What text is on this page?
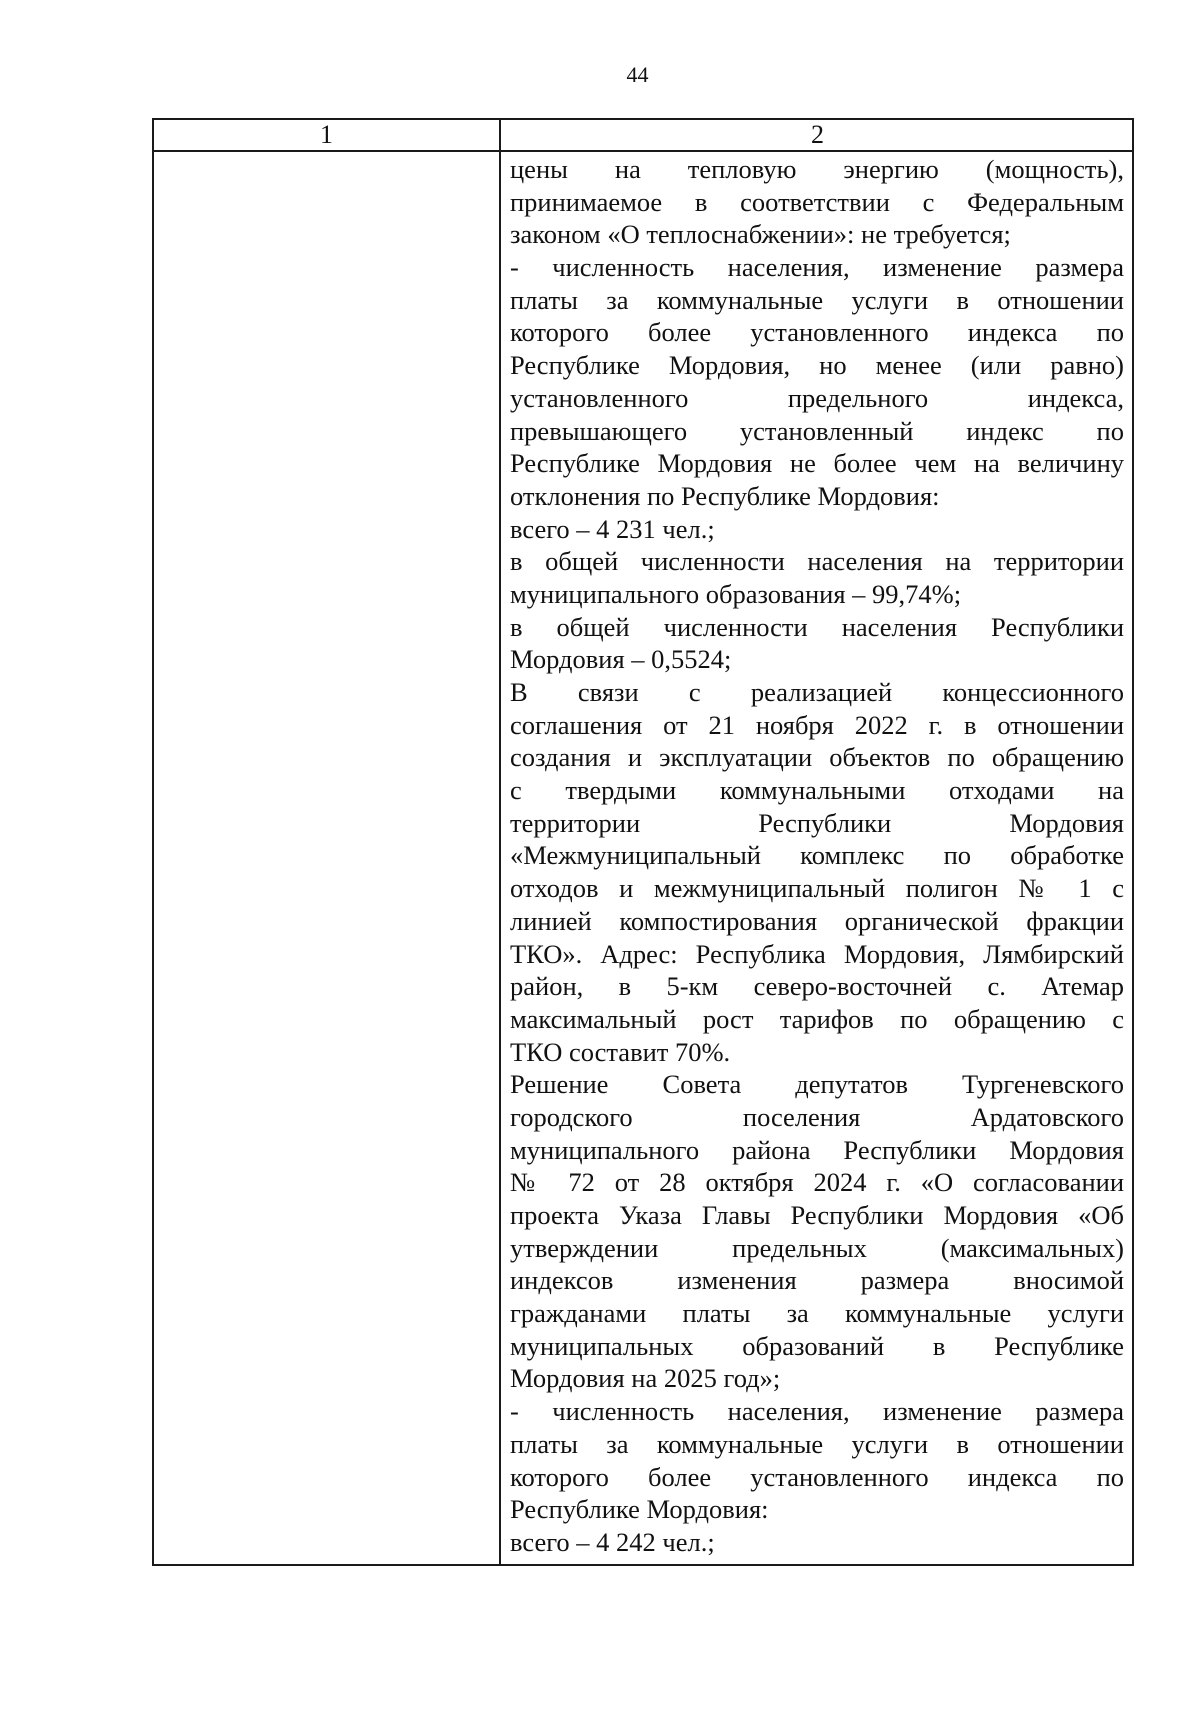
44
1	2
цены на тепловую энергию (мощность),
принимаемое в соответствии с Федеральным
законом «О теплоснабжении»: не требуется;
- численность населения, изменение размера
платы за коммунальные услуги в отношении
которого более установленного индекса по
Республике Мордовия, но менее (или равно)
установленного предельного индекса,
превышающего установленный индекс по
Республике Мордовия не более чем на величину
отклонения по Республике Мордовия:
всего – 4 231 чел.;
в общей численности населения на территории
муниципального образования – 99,74%;
в общей численности населения Республики
Мордовия – 0,5524;
В связи с реализацией концессионного
соглашения от 21 ноября 2022 г. в отношении
создания и эксплуатации объектов по обращению
с твердыми коммунальными отходами на
территории Республики Мордовия
«Межмуниципальный комплекс по обработке
отходов и межмуниципальный полигон № 1 с
линией компостирования органической фракции
ТКО». Адрес: Республика Мордовия, Лямбирский
район, в 5-км северо-восточней с. Атемар
максимальный рост тарифов по обращению с
ТКО составит 70%.
Решение Совета депутатов Тургеневского
городского поселения Ардатовского
муниципального района Республики Мордовия
№ 72 от 28 октября 2024 г. «О согласовании
проекта Указа Главы Республики Мордовия «Об
утверждении предельных (максимальных)
индексов изменения размера вносимой
гражданами платы за коммунальные услуги
муниципальных образований в Республике
Мордовия на 2025 год»;
- численность населения, изменение размера
платы за коммунальные услуги в отношении
которого более установленного индекса по
Республике Мордовия:
всего – 4 242 чел.;
